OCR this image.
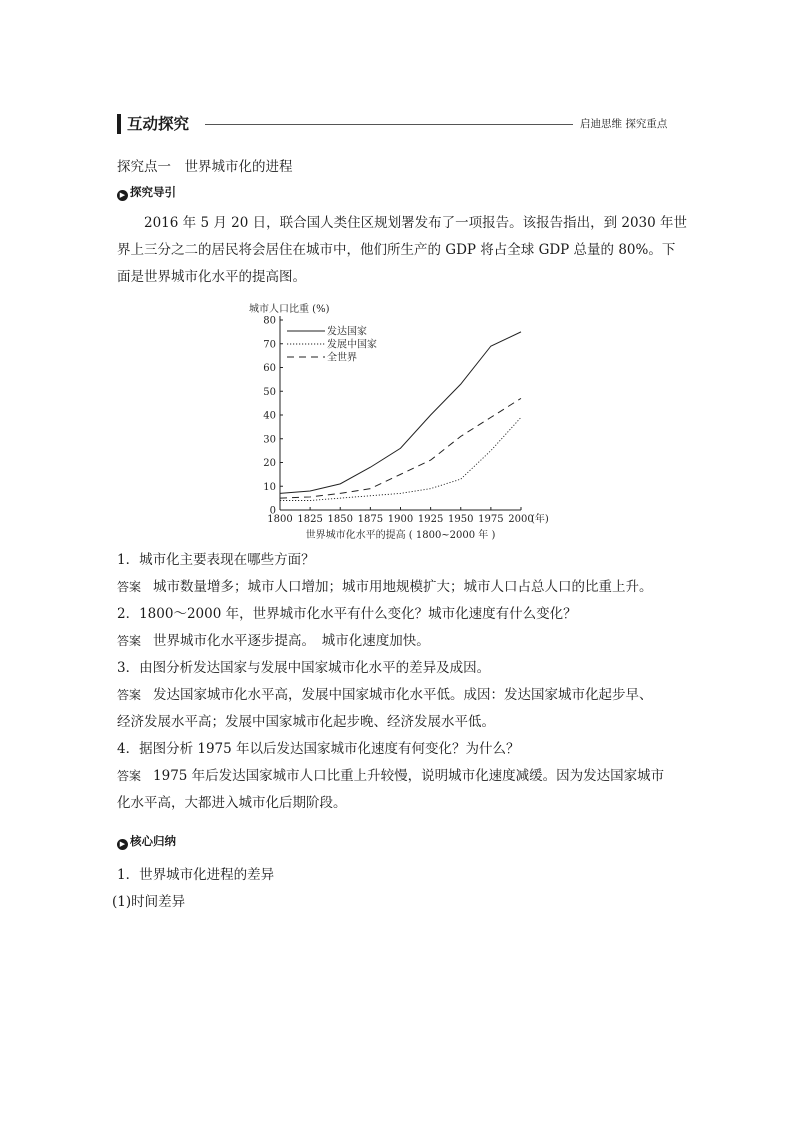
互动探究	启迪思维 探究重点
探究点一　世界城市化的进程
▶ 探究导引
2016 年 5 月 20 日，联合国人类住区规划署发布了一项报告。该报告指出，到 2030 年世
界上三分之二的居民将会居住在城市中，他们所生产的 GDP 将占全球 GDP 总量的 80%。下
面是世界城市化水平的提高图。
城市人口比重 (%)
0
10
20
30
40
50
60
70
80
1800 1825 1850 1875 1900 1925 1950 1975 2000
发达国家
发展中国家
全世界
(年)
世界城市化水平的提高 ( 1800~2000 年 )
1．城市化主要表现在哪些方面？
答案 城市数量增多；城市人口增加；城市用地规模扩大；城市人口占总人口的比重上升。
2．1800～2000 年，世界城市化水平有什么变化？城市化速度有什么变化？
答案 世界城市化水平逐步提高。　城市化速度加快。
3．由图分析发达国家与发展中国家城市化水平的差异及成因。
答案 发达国家城市化水平高，发展中国家城市化水平低。成因：发达国家城市化起步早、
经济发展水平高；发展中国家城市化起步晚、经济发展水平低。
4．据图分析 1975 年以后发达国家城市化速度有何变化？为什么？
答案 1975 年后发达国家城市人口比重上升较慢，说明城市化速度减缓。因为发达国家城市
化水平高，大都进入城市化后期阶段。
▶ 核心归纳
1．世界城市化进程的差异
(1)时间差异
